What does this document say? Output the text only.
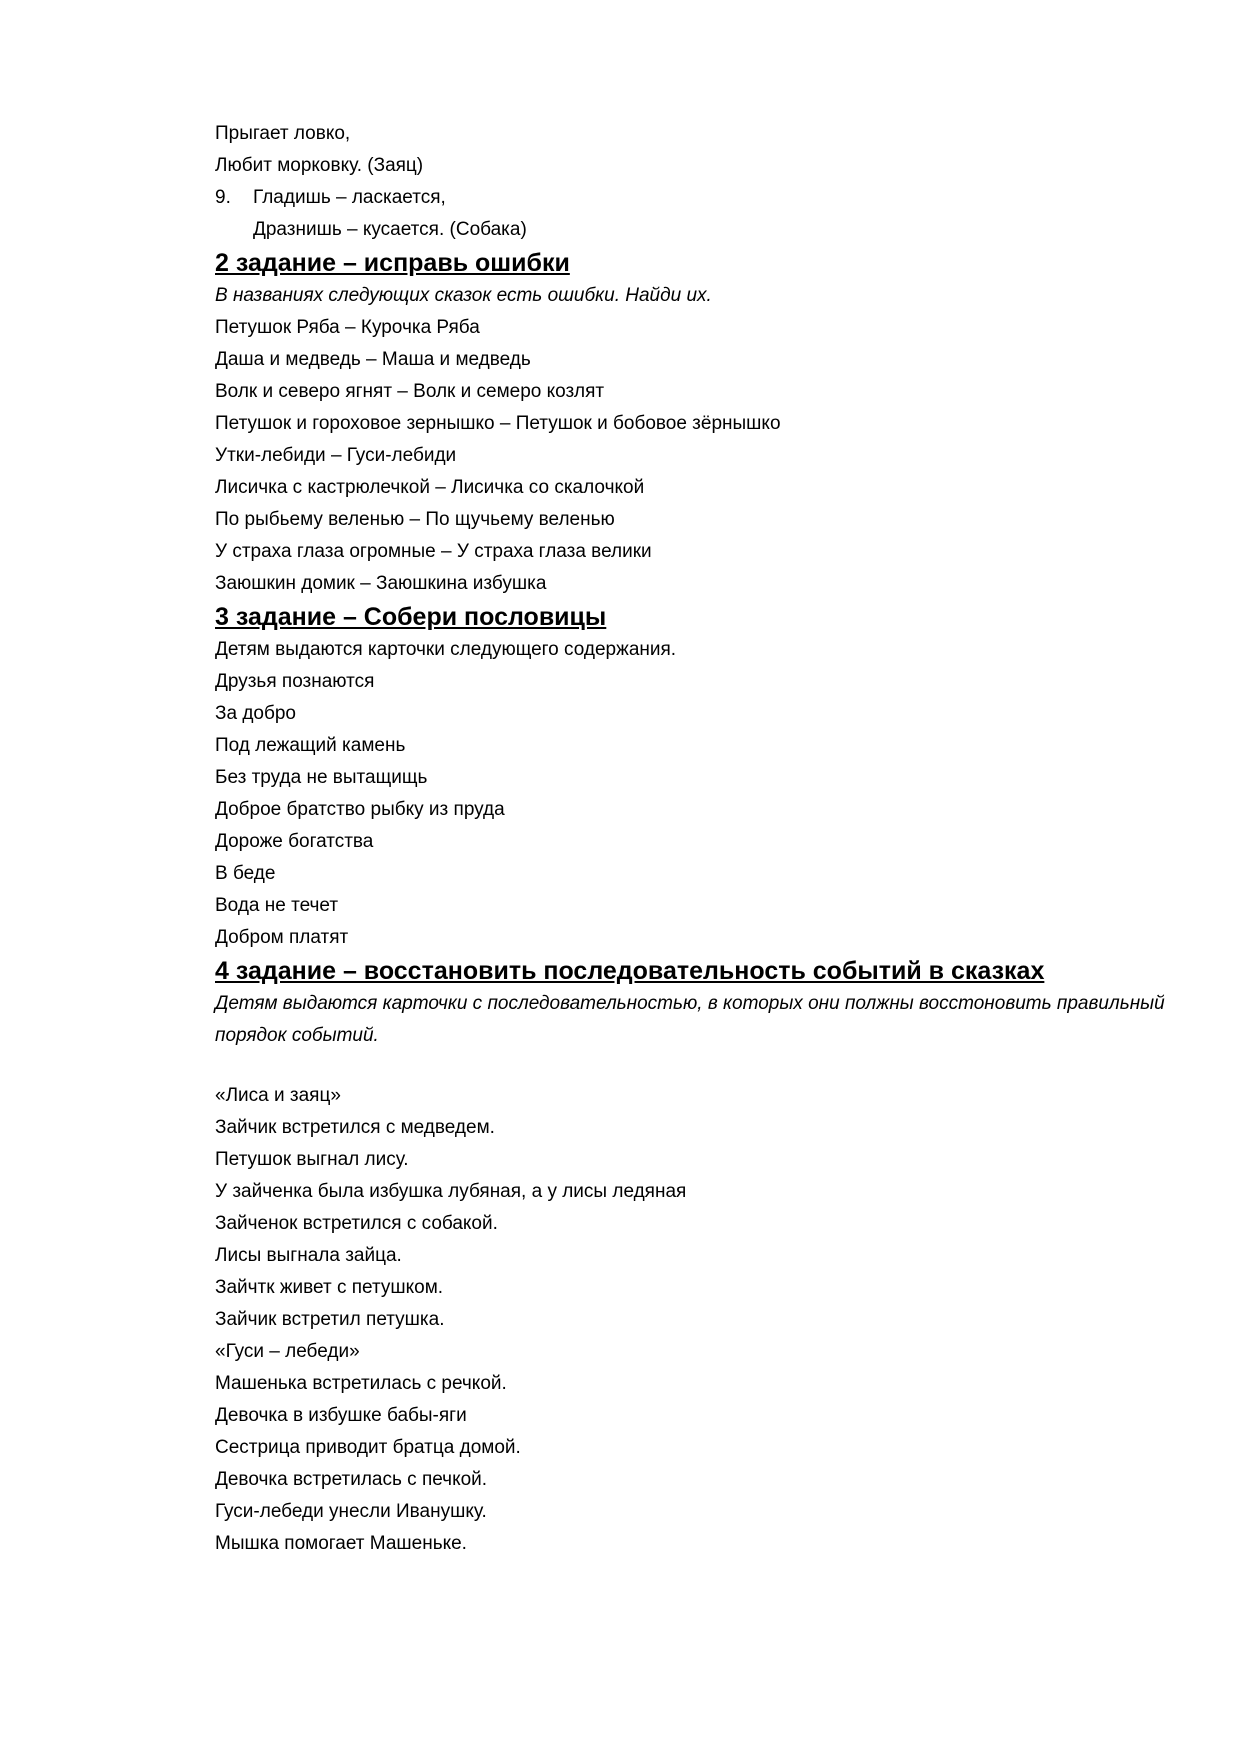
Прыгает ловко,
Любит морковку. (Заяц)
9. Гладишь – ласкается,
Дразнишь – кусается. (Собака)
2 задание – исправь ошибки
В названиях следующих сказок есть ошибки. Найди их.
Петушок Ряба – Курочка Ряба
Даша и медведь – Маша и медведь
Волк и северо ягнят – Волк и семеро козлят
Петушок и гороховое зернышко – Петушок и бобовое зёрнышко
Утки-лебиди – Гуси-лебиди
Лисичка с кастрюлечкой – Лисичка со скалочкой
По рыбьему веленью – По щучьему веленью
У страха глаза огромные – У страха глаза велики
Заюшкин домик – Заюшкина избушка
3 задание – Собери пословицы
Детям выдаются карточки следующего содержания.
Друзья познаются
За добро
Под лежащий камень
Без труда не вытащищь
Доброе братство рыбку из пруда
Дороже богатства
В беде
Вода не течет
Добром платят
4 задание – восстановить последовательность событий в сказках
Детям выдаются карточки с последовательностью, в которых они полжны восстоновить правильный порядок событий.
«Лиса и заяц»
Зайчик встретился с медведем.
Петушок выгнал лису.
У зайченка была избушка лубяная, а у лисы ледяная
Зайченок встретился с собакой.
Лисы выгнала зайца.
Зайчтк живет с петушком.
Зайчик встретил петушка.
«Гуси – лебеди»
Машенька встретилась с речкой.
Девочка в избушке бабы-яги
Сестрица приводит братца домой.
Девочка встретилась с печкой.
Гуси-лебеди унесли Иванушку.
Мышка помогает Машеньке.
